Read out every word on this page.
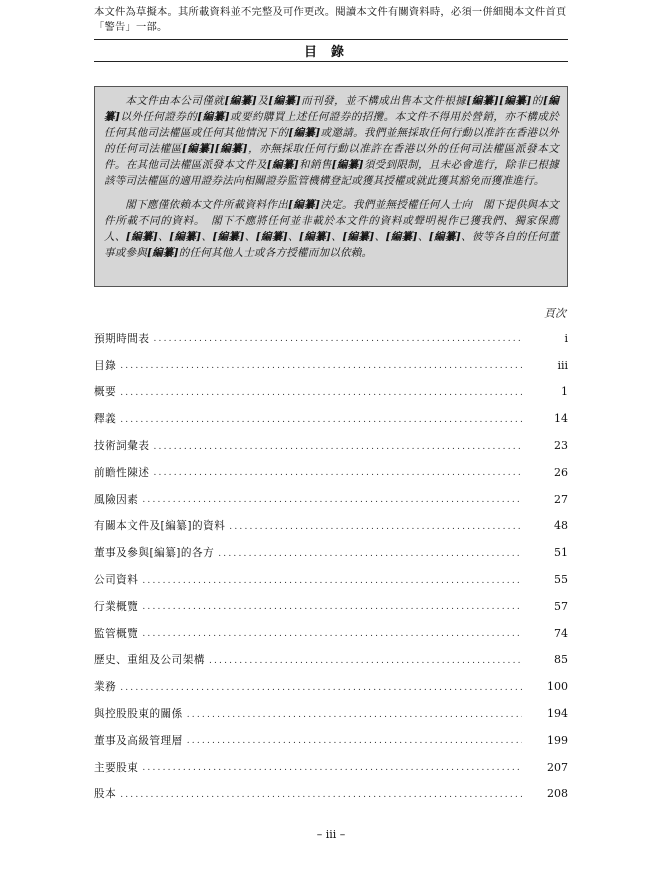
本文件為草擬本。其所載資料並不完整及可作更改。閱讀本文件有關資料時，必須一併細閱本文件首頁「警告」一部。
目錄

本文件由本公司僅就[編纂]及[編纂]而刊發，並不構成出售本文件根據[編纂][編纂]的[編纂]以外任何證券的[編纂]或要約購買上述任何證券的招攬。本文件不得用於營銷，亦不構成於任何其他司法權區或任何其他情況下的[編纂]或邀請。我們並無採取任何行動以准許在香港以外的任何司法權區[編纂][編纂]，亦無採取任何行動以准許在香港以外的任何司法權區派發本文件。在其他司法權區派發本文件及[編纂]和銷售[編纂]須受到限制，且未必會進行，除非已根據該等司法權區的適用證券法向相關證券監管機構登記或獲其授權或就此獲其豁免而獲准進行。

閣下應僅依賴本文件所載資料作出[編纂]決定。我們並無授權任何人士向　閣下提供與本文件所載不同的資料。　閣下不應將任何並非載於本文件的資料或聲明視作已獲我們、獨家保薦人、[編纂]、[編纂]、[編纂]、[編纂]、[編纂]、[編纂]、[編纂]、[編纂]、彼等各自的任何董事或參與[編纂]的任何其他人士或各方授權而加以依賴。

頁次
預期時間表 .....	i
目錄 .....	iii
概要 .....	1
釋義 .....	14
技術詞彙表 .....	23
前瞻性陳述 .....	26
風險因素 .....	27
有關本文件及[編纂]的資料 .....	48
董事及參與[編纂]的各方 .....	51
公司資料 .....	55
行業概覽 .....	57
監管概覽 .....	74
歷史、重組及公司架構 .....	85
業務 .....	100
與控股股東的關係 .....	194
董事及高級管理層 .....	199
主要股東 .....	207
股本 .....	208
– iii –
